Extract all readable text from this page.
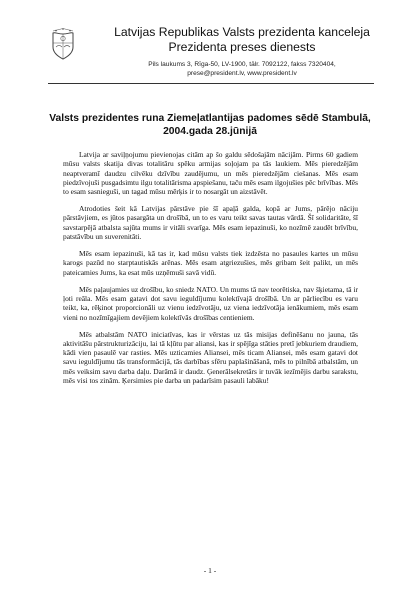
Latvijas Republikas Valsts prezidenta kanceleja
Prezidenta preses dienests
Pils laukums 3, Rīga-50, LV-1900, tālr. 7092122, fakss 7320404,
prese@president.lv, www.president.lv
Valsts prezidentes runa Ziemeļatlantijas padomes sēdē Stambulā,
2004.gada 28.jūnijā

Latvija ar saviļņojumu pievienojas citām ap šo galdu sēdošajām nācijām. Pirms 60 gadiem mūsu valsts skatija divas totalitāru spēku armijas soļojam pa tās laukiem. Mēs pieredzējām neaptveramī daudzu cilvēku dzīvību zaudējumu, un mēs pieredzējām ciešanas. Mēs esam piedzīvojuši pusgadsimtu ilgu totalitārisma apspiešanu, taču mēs esam ilgojušies pēc brīvības. Mēs to esam sasnieguši, un tagad mūsu mērķis ir to nosargāt un aizstāvēt.

Atrodoties šeit kā Latvijas pārstāve pie šī apaļā galda, kopā ar Jums, pārējo nāciju pārstāvjiem, es jūtos pasargāta un drošībā, un to es varu teikt savas tautas vārdā. Šī solidaritāte, šī savstarpējā atbalsta sajūta mums ir vitāli svarīga. Mēs esam iepazinuši, ko nozīmē zaudēt brīvību, patstāvību un suverenitāti.

Mēs esam iepazinuši, kā tas ir, kad mūsu valsts tiek izdzēsta no pasaules kartes un mūsu karogs pazūd no starptautiskās arēnas. Mēs esam atgriezušies, mēs gribam šeit palikt, un mēs pateicamies Jums, ka esat mūs uzņēmuši savā vidū.

Mēs paļaujamies uz drošību, ko sniedz NATO. Un mums tā nav teorētiska, nav šķietama, tā ir ļoti reāla. Mēs esam gatavi dot savu ieguldījumu kolektīvajā drošībā. Un ar pārliecību es varu teikt, ka, rēķinot proporcionāli uz vienu iedzīvotāju, uz viena iedzīvotāja ienākumiem, mēs esam vieni no nozīmīgajiem devējiem kolektīvās drošības centieniem.

Mēs atbalstām NATO iniciatīvas, kas ir vērstas uz tās misijas definēšanu no jauna, tās aktivitāšu pārstrukturizāciju, lai tā kļūtu par aliansi, kas ir spējīga stāties pretī jebkuriem draudiem, kādi vien pasaulē var rasties. Mēs uzticamies Aliansei, mēs ticam Aliansei, mēs esam gatavi dot savu ieguldījumu tās transformācijā, tās darbības sfēru paplašināšanā, mēs to pilnībā atbalstām, un mēs veiksim savu darba daļu. Darāmā ir daudz. Ģenerālsekretārs ir tuvāk iezīmējis darbu sarakstu, mēs visi tos zinām. Ķersimies pie darba un padarīsim pasauli labāku!

- 1 -
